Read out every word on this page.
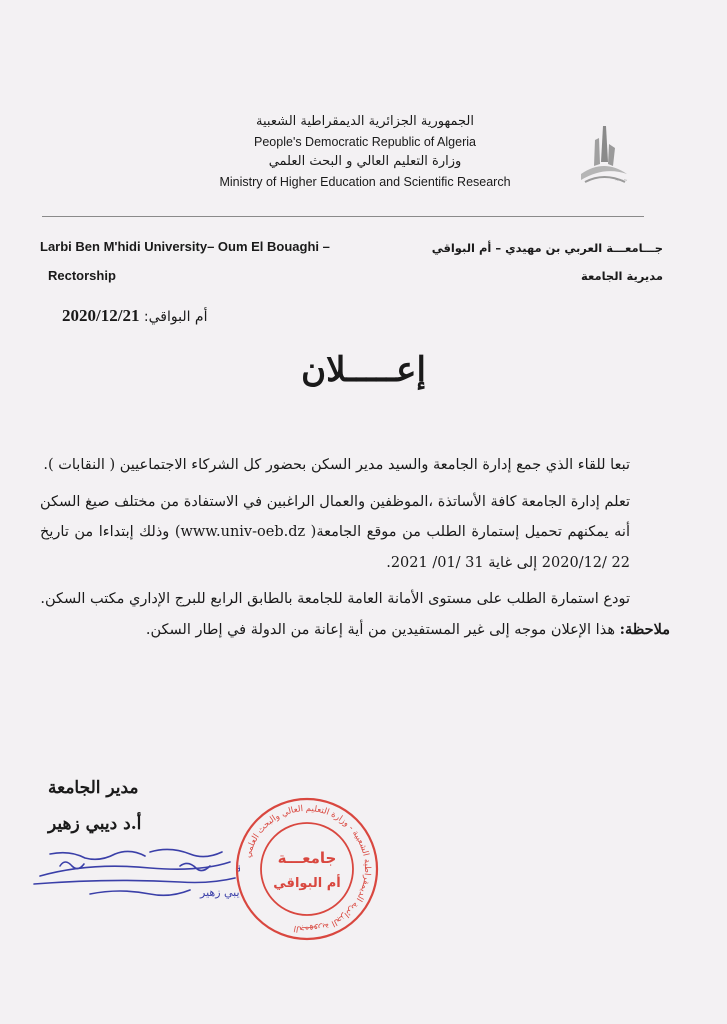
~~~
الجمهورية الجزائرية الديمقراطية الشعبية
People's Democratic Republic of Algeria
وزارة التعليم العالي و البحث العلمي
Ministry of Higher Education and Scientific Research
Larbi Ben M'hidi University– Oum El Bouaghi –
Rectorship
جـــامعـــة العربي بن مهيدي – أم البواقي
مديرية الجامعة
أم البواقي: 2020/12/21
إعـــــلان

تبعا للقاء الذي جمع إدارة الجامعة والسيد مدير السكن بحضور كل الشركاء الاجتماعيين ( النقابات ).

تعلم إدارة الجامعة كافة الأساتذة ،الموظفين والعمال الراغبين في الاستفادة من مختلف صيغ السكن أنه يمكنهم تحميل إستمارة الطلب من موقع الجامعة( www.univ-oeb.dz) وذلك إبتداءا من تاريخ 22 /2020/12 إلى غاية 31 /01/ 2021.

تودع استمارة الطلب على مستوى الأمانة العامة للجامعة بالطابق الرابع للبرج الإداري مكتب السكن.

ملاحظة: هذا الإعلان موجه إلى غير المستفيدين من أية إعانة من الدولة في إطار السكن.

مدير الجامعة
أ.د ديبي زهير
ة
يبي زهير
الجمهورية الجزائرية الديمقراطية الشعبية - وزارة التعليم العالي والبحث العلمي
جامعـــة
أم البواقي
